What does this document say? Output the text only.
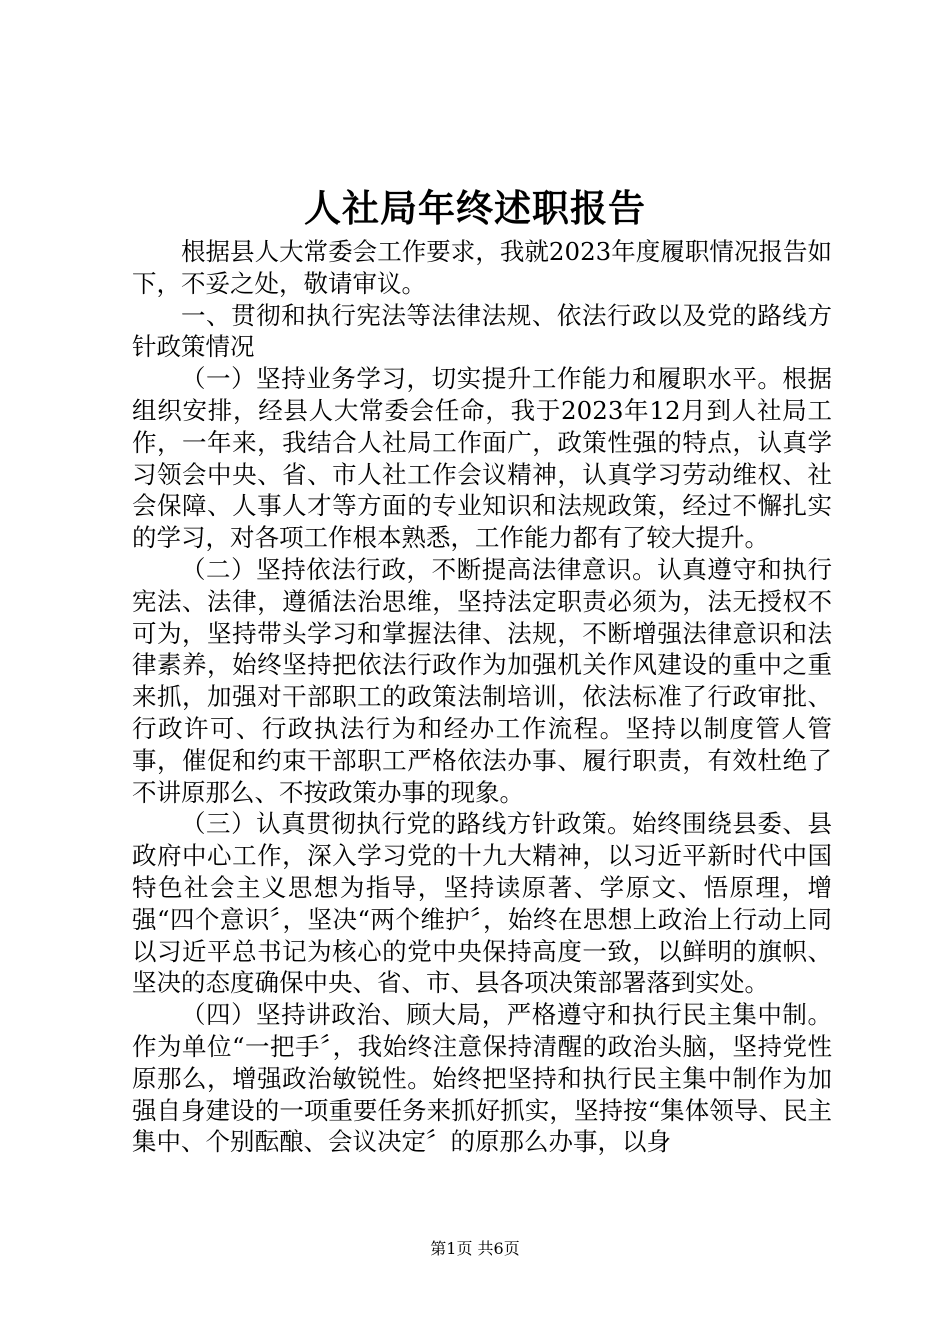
人社局年终述职报告

根据县人大常委会工作要求，我就2023年度履职情况报告如下，不妥之处，敬请审议。

一、贯彻和执行宪法等法律法规、依法行政以及党的路线方针政策情况

（一）坚持业务学习，切实提升工作能力和履职水平。根据组织安排，经县人大常委会任命，我于2023年12月到人社局工作，一年来，我结合人社局工作面广，政策性强的特点，认真学习领会中央、省、市人社工作会议精神，认真学习劳动维权、社会保障、人事人才等方面的专业知识和法规政策，经过不懈扎实的学习，对各项工作根本熟悉，工作能力都有了较大提升。

（二）坚持依法行政，不断提高法律意识。认真遵守和执行宪法、法律，遵循法治思维，坚持法定职责必须为，法无授权不可为，坚持带头学习和掌握法律、法规，不断增强法律意识和法律素养，始终坚持把依法行政作为加强机关作风建设的重中之重来抓，加强对干部职工的政策法制培训，依法标准了行政审批、行政许可、行政执法行为和经办工作流程。坚持以制度管人管事，催促和约束干部职工严格依法办事、履行职责，有效杜绝了不讲原那么、不按政策办事的现象。

（三）认真贯彻执行党的路线方针政策。始终围绕县委、县政府中心工作，深入学习党的十九大精神，以习近平新时代中国特色社会主义思想为指导，坚持读原著、学原文、悟原理，增强“四个意识〞，坚决“两个维护〞，始终在思想上政治上行动上同以习近平总书记为核心的党中央保持高度一致，以鲜明的旗帜、坚决的态度确保中央、省、市、县各项决策部署落到实处。

（四）坚持讲政治、顾大局，严格遵守和执行民主集中制。作为单位“一把手〞，我始终注意保持清醒的政治头脑，坚持党性原那么，增强政治敏锐性。始终把坚持和执行民主集中制作为加强自身建设的一项重要任务来抓好抓实，坚持按“集体领导、民主集中、个别酝酿、会议决定〞的原那么办事，以身

第1页 共6页
